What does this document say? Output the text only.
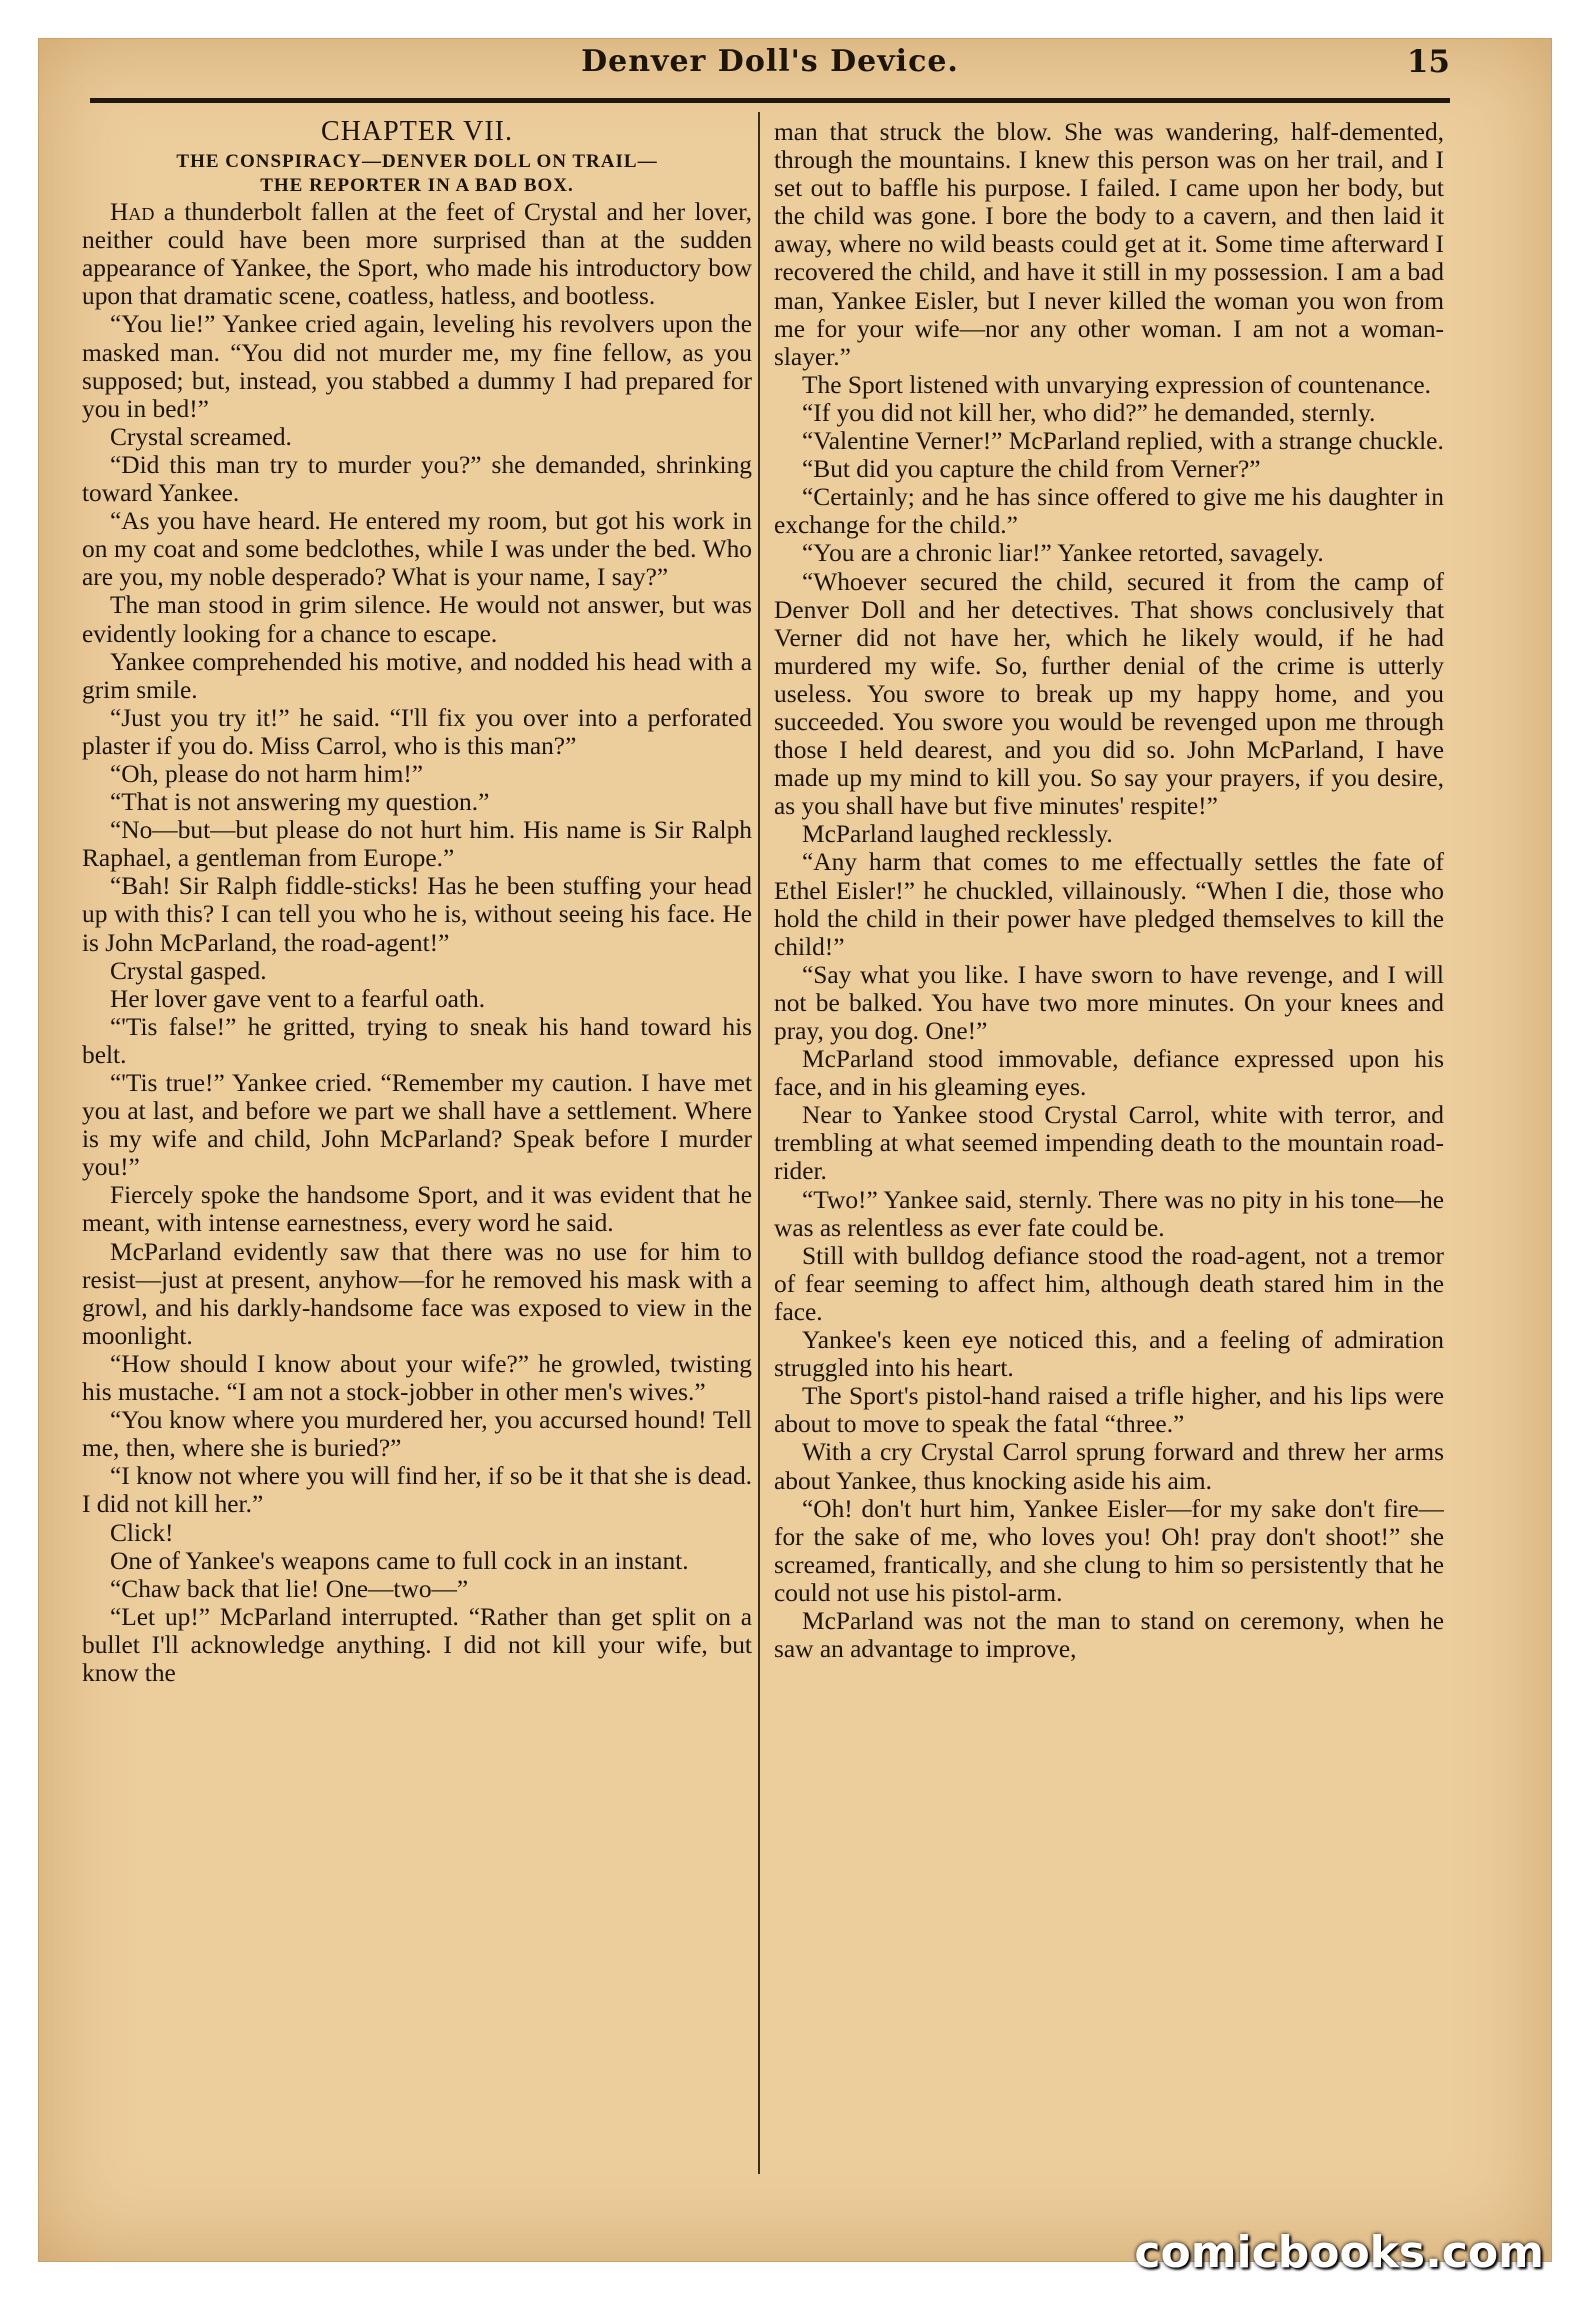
Denver Doll's Device.	15
CHAPTER VII.
THE CONSPIRACY—DENVER DOLL ON TRAIL—
THE REPORTER IN A BAD BOX.

Had a thunderbolt fallen at the feet of Crystal and her lover, neither could have been more surprised than at the sudden appearance of Yankee, the Sport, who made his introductory bow upon that dramatic scene, coatless, hatless, and bootless.

“You lie!” Yankee cried again, leveling his revolvers upon the masked man. “You did not murder me, my fine fellow, as you supposed; but, instead, you stabbed a dummy I had prepared for you in bed!”

Crystal screamed.

“Did this man try to murder you?” she demanded, shrinking toward Yankee.

“As you have heard. He entered my room, but got his work in on my coat and some bedclothes, while I was under the bed. Who are you, my noble desperado? What is your name, I say?”

The man stood in grim silence. He would not answer, but was evidently looking for a chance to escape.

Yankee comprehended his motive, and nodded his head with a grim smile.

“Just you try it!” he said. “I'll fix you over into a perforated plaster if you do. Miss Carrol, who is this man?”

“Oh, please do not harm him!”

“That is not answering my question.”

“No—but—but please do not hurt him. His name is Sir Ralph Raphael, a gentleman from Europe.”

“Bah! Sir Ralph fiddle-sticks! Has he been stuffing your head up with this? I can tell you who he is, without seeing his face. He is John McParland, the road-agent!”

Crystal gasped.

Her lover gave vent to a fearful oath.

“'Tis false!” he gritted, trying to sneak his hand toward his belt.

“'Tis true!” Yankee cried. “Remember my caution. I have met you at last, and before we part we shall have a settlement. Where is my wife and child, John McParland? Speak before I murder you!”

Fiercely spoke the handsome Sport, and it was evident that he meant, with intense earnestness, every word he said.

McParland evidently saw that there was no use for him to resist—just at present, anyhow—for he removed his mask with a growl, and his darkly-handsome face was exposed to view in the moonlight.

“How should I know about your wife?” he growled, twisting his mustache. “I am not a stock-jobber in other men's wives.”

“You know where you murdered her, you accursed hound! Tell me, then, where she is buried?”

“I know not where you will find her, if so be it that she is dead. I did not kill her.”

Click!

One of Yankee's weapons came to full cock in an instant.

“Chaw back that lie! One—two—”

“Let up!” McParland interrupted. “Rather than get split on a bullet I'll acknowledge anything. I did not kill your wife, but know the

man that struck the blow. She was wandering, half-demented, through the mountains. I knew this person was on her trail, and I set out to baffle his purpose. I failed. I came upon her body, but the child was gone. I bore the body to a cavern, and then laid it away, where no wild beasts could get at it. Some time afterward I recovered the child, and have it still in my possession. I am a bad man, Yankee Eisler, but I never killed the woman you won from me for your wife—nor any other woman. I am not a woman-slayer.”

The Sport listened with unvarying expression of countenance.

“If you did not kill her, who did?” he demanded, sternly.

“Valentine Verner!” McParland replied, with a strange chuckle.

“But did you capture the child from Verner?”

“Certainly; and he has since offered to give me his daughter in exchange for the child.”

“You are a chronic liar!” Yankee retorted, savagely.

“Whoever secured the child, secured it from the camp of Denver Doll and her detectives. That shows conclusively that Verner did not have her, which he likely would, if he had murdered my wife. So, further denial of the crime is utterly useless. You swore to break up my happy home, and you succeeded. You swore you would be revenged upon me through those I held dearest, and you did so. John McParland, I have made up my mind to kill you. So say your prayers, if you desire, as you shall have but five minutes' respite!”

McParland laughed recklessly.

“Any harm that comes to me effectually settles the fate of Ethel Eisler!” he chuckled, villainously. “When I die, those who hold the child in their power have pledged themselves to kill the child!”

“Say what you like. I have sworn to have revenge, and I will not be balked. You have two more minutes. On your knees and pray, you dog. One!”

McParland stood immovable, defiance expressed upon his face, and in his gleaming eyes.

Near to Yankee stood Crystal Carrol, white with terror, and trembling at what seemed impending death to the mountain road-rider.

“Two!” Yankee said, sternly. There was no pity in his tone—he was as relentless as ever fate could be.

Still with bulldog defiance stood the road-agent, not a tremor of fear seeming to affect him, although death stared him in the face.

Yankee's keen eye noticed this, and a feeling of admiration struggled into his heart.

The Sport's pistol-hand raised a trifle higher, and his lips were about to move to speak the fatal “three.”

With a cry Crystal Carrol sprung forward and threw her arms about Yankee, thus knocking aside his aim.

“Oh! don't hurt him, Yankee Eisler—for my sake don't fire—for the sake of me, who loves you! Oh! pray don't shoot!” she screamed, frantically, and she clung to him so persistently that he could not use his pistol-arm.

McParland was not the man to stand on ceremony, when he saw an advantage to improve,

comicbooks.com
